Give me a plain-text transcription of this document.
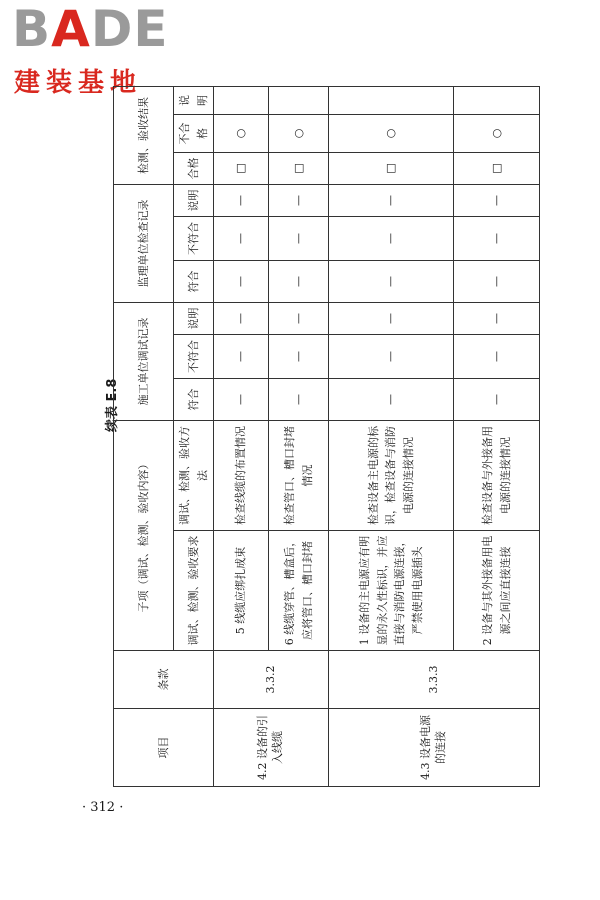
BADE
建装基地
续表 E.8
· 312 ·
项目	条款	子项（调试、检测、验收内容）		施工单位调试记录			监理单位检查记录			检测、验收结果		
		调试、检测、验收要求	调试、检测、验收方法	符合	不符合	说明	符合	不符合	说明	合格	不合格	说明
4.2 设备的引入线缆	3.3.2	5 线缆应绑扎成束	检查线缆的布置情况	—	—	—	—	—	—	□	○	
		6 线缆穿管、槽盒后，应将管口、槽口封堵	检查管口、槽口封堵情况	—	—	—	—	—	—	□	○	
4.3 设备电源的连接	3.3.3	1 设备的主电源应有明显的永久性标识，并应直接与消防电源连接，严禁使用电源插头	检查设备主电源的标识，检查设备与消防电源的连接情况	—	—	—	—	—	—	□	○	
		2 设备与其外接备用电源之间应直接连接	检查设备与外接备用电源的连接情况	—	—	—	—	—	—	□	○	
